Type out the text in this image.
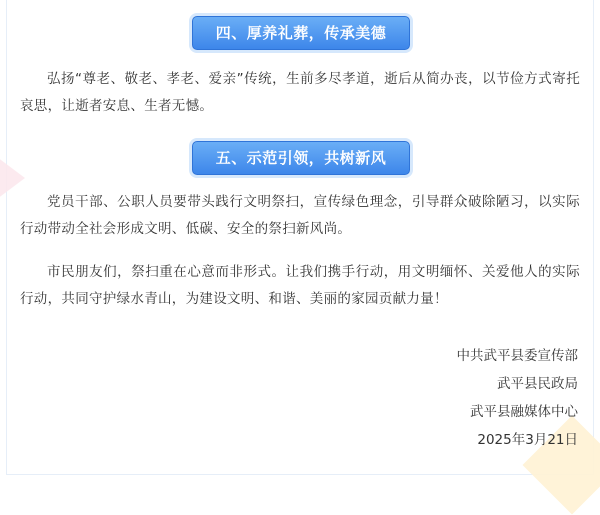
四、厚养礼葬，传承美德

弘扬“尊老、敬老、孝老、爱亲”传统，生前多尽孝道，逝后从简办丧，以节俭方式寄托哀思，让逝者安息、生者无憾。

五、示范引领，共树新风

党员干部、公职人员要带头践行文明祭扫，宣传绿色理念，引导群众破除陋习，以实际行动带动全社会形成文明、低碳、安全的祭扫新风尚。

市民朋友们，祭扫重在心意而非形式。让我们携手行动，用文明缅怀、关爱他人的实际行动，共同守护绿水青山，为建设文明、和谐、美丽的家园贡献力量！

中共武平县委宣传部

武平县民政局

武平县融媒体中心

2025年3月21日
